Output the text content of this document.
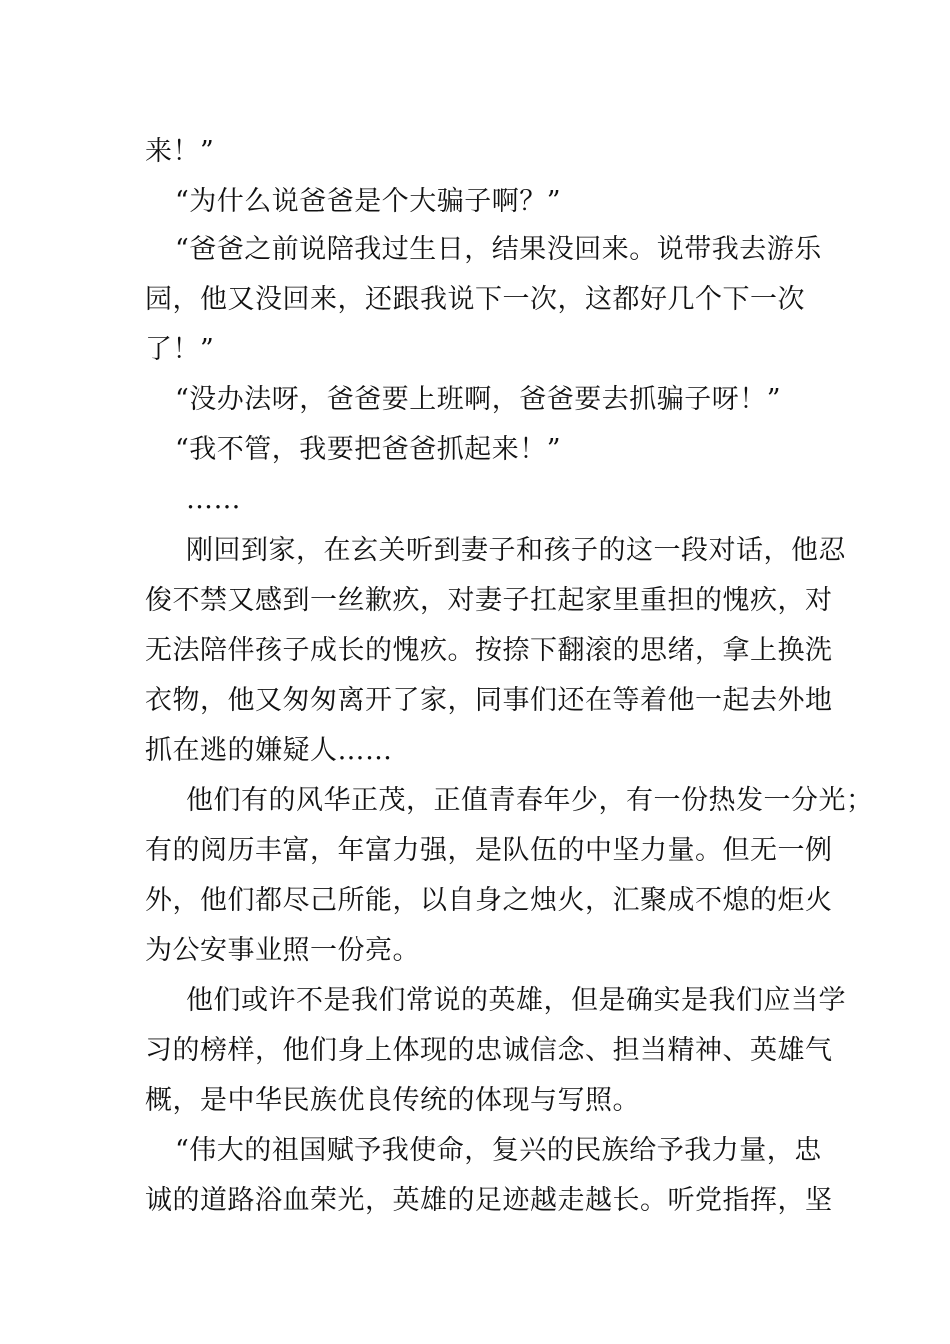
来！”
“为什么说爸爸是个大骗子啊？”
“爸爸之前说陪我过生日，结果没回来。说带我去游乐
园，他又没回来，还跟我说下一次，这都好几个下一次
了！”
“没办法呀，爸爸要上班啊，爸爸要去抓骗子呀！”
“我不管，我要把爸爸抓起来！”
……
刚回到家，在玄关听到妻子和孩子的这一段对话，他忍
俊不禁又感到一丝歉疚，对妻子扛起家里重担的愧疚，对
无法陪伴孩子成长的愧疚。按捺下翻滚的思绪，拿上换洗
衣物，他又匆匆离开了家，同事们还在等着他一起去外地
抓在逃的嫌疑人……
他们有的风华正茂，正值青春年少，有一份热发一分光；
有的阅历丰富，年富力强，是队伍的中坚力量。但无一例
外，他们都尽己所能，以自身之烛火，汇聚成不熄的炬火
为公安事业照一份亮。
他们或许不是我们常说的英雄，但是确实是我们应当学
习的榜样，他们身上体现的忠诚信念、担当精神、英雄气
概，是中华民族优良传统的体现与写照。
“伟大的祖国赋予我使命，复兴的民族给予我力量，忠
诚的道路浴血荣光，英雄的足迹越走越长。听党指挥，坚
